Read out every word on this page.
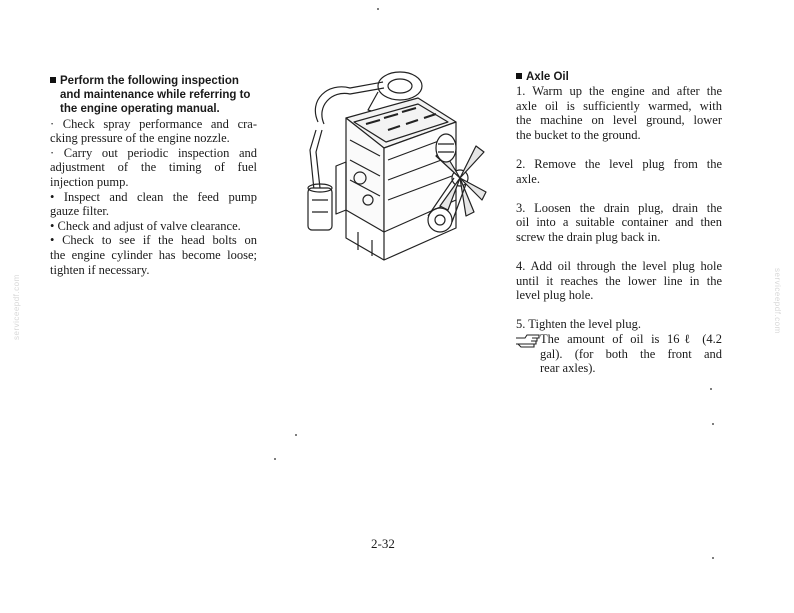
Perform the following inspection
and maintenance while referring to
the engine operating manual.
· Check spray performance and cra-
cking pressure of the engine nozzle.
· Carry out periodic inspection and
adjustment of the timing of fuel
injection pump.
• Inspect and clean the feed pump
gauze filter.
• Check and adjust of valve clearance.
• Check to see if the head bolts on
the engine cylinder has become loose;
tighten if necessary.
Axle Oil
1. Warm up the engine and after the
axle oil is sufficiently warmed, with
the machine on level ground, lower
the bucket to the ground.
2. Remove the level plug from the
axle.
3. Loosen the drain plug, drain the
oil into a suitable container and then
screw the drain plug back in.
4. Add oil through the level plug hole
until it reaches the lower line in the
level plug hole.
5. Tighten the level plug.
The amount of oil is 16ℓ (4.2
gal). (for both the front and
rear axles).
2-32
serviceepdf.com	serviceepdf.com
